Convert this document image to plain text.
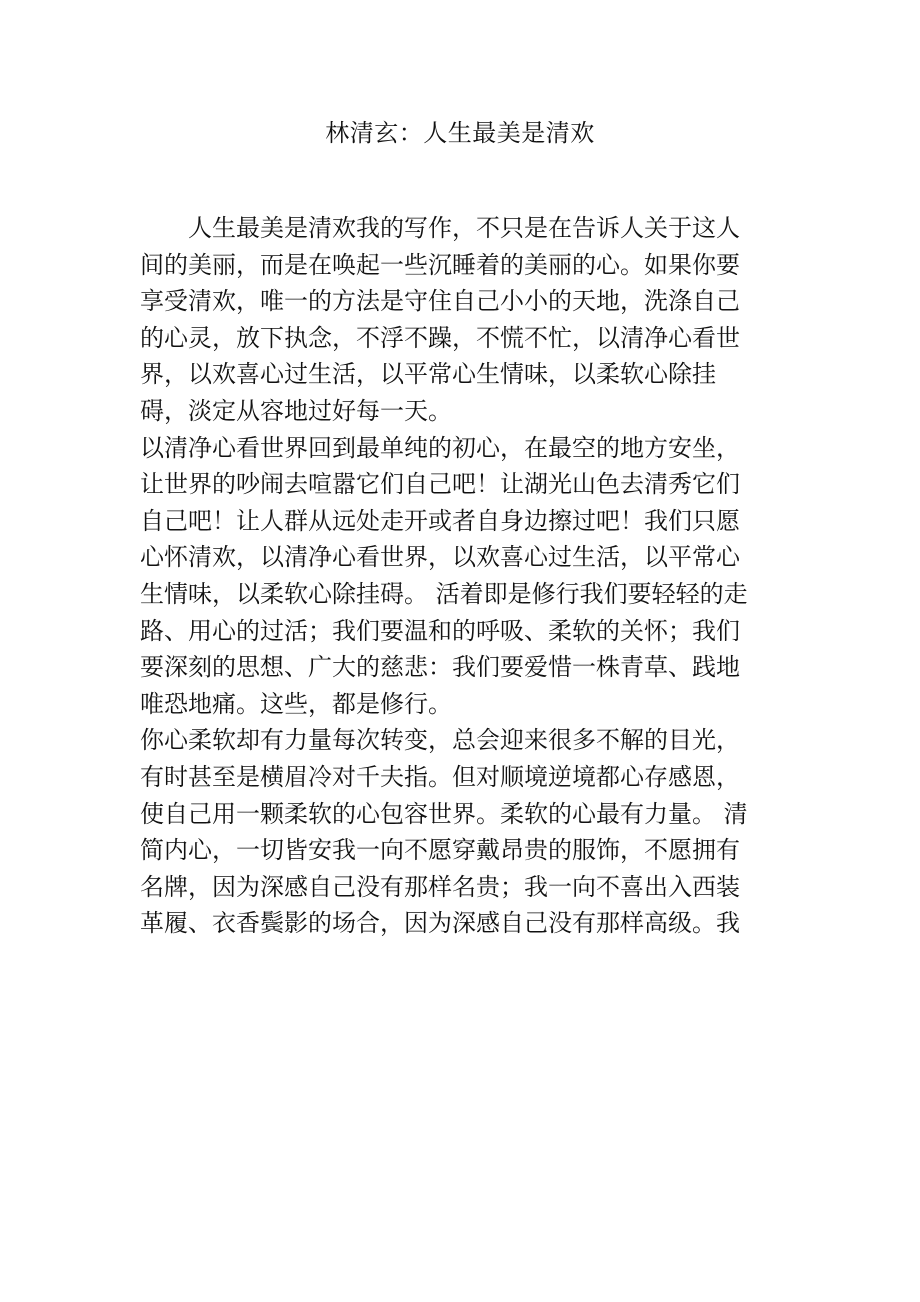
林清玄：人生最美是清欢
　　人生最美是清欢我的写作，不只是在告诉人关于这人
间的美丽，而是在唤起一些沉睡着的美丽的心。如果你要
享受清欢，唯一的方法是守住自己小小的天地，洗涤自己
的心灵，放下执念，不浮不躁，不慌不忙，以清净心看世
界，以欢喜心过生活，以平常心生情味，以柔软心除挂
碍，淡定从容地过好每一天。
以清净心看世界回到最单纯的初心，在最空的地方安坐，
让世界的吵闹去喧嚣它们自己吧！让湖光山色去清秀它们
自己吧！让人群从远处走开或者自身边擦过吧！我们只愿
心怀清欢，以清净心看世界，以欢喜心过生活，以平常心
生情味，以柔软心除挂碍。 活着即是修行我们要轻轻的走
路、用心的过活；我们要温和的呼吸、柔软的关怀；我们
要深刻的思想、广大的慈悲：我们要爱惜一株青草、践地
唯恐地痛。这些，都是修行。
你心柔软却有力量每次转变，总会迎来很多不解的目光，
有时甚至是横眉冷对千夫指。但对顺境逆境都心存感恩，
使自己用一颗柔软的心包容世界。柔软的心最有力量。 清
简内心，一切皆安我一向不愿穿戴昂贵的服饰，不愿拥有
名牌，因为深感自己没有那样名贵；我一向不喜出入西装
革履、衣香鬓影的场合，因为深感自己没有那样高级。我
